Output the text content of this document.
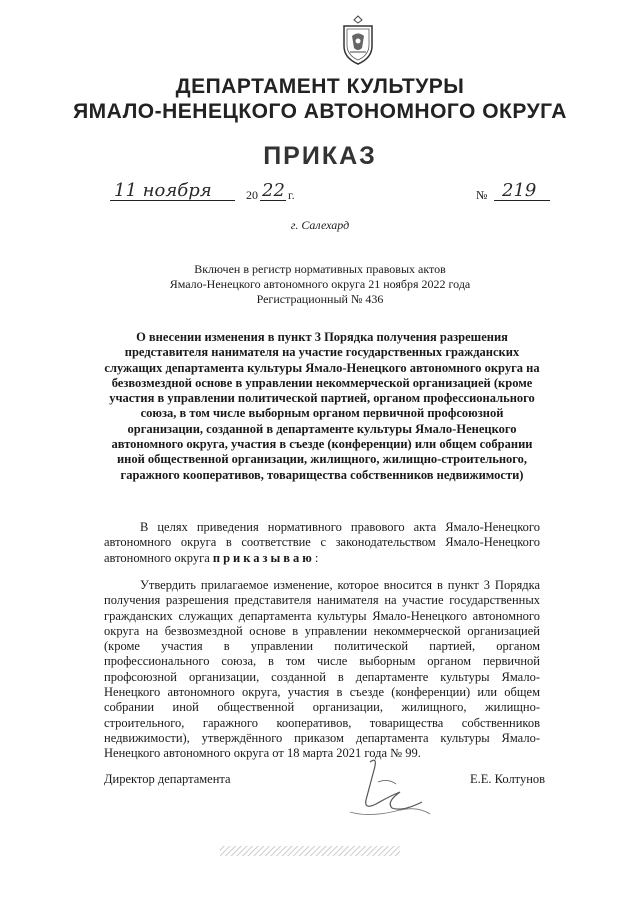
ДЕПАРТАМЕНТ КУЛЬТУРЫ
ЯМАЛО-НЕНЕЦКОГО АВТОНОМНОГО ОКРУГА
ПРИКАЗ
11 ноября	20 22 г.	№ 219
г. Салехард
Включен в регистр нормативных правовых актов
Ямало-Ненецкого автономного округа 21 ноября 2022 года
Регистрационный № 436
О внесении изменения в пункт 3 Порядка получения разрешения представителя нанимателя на участие государственных гражданских служащих департамента культуры Ямало-Ненецкого автономного округа на безвозмездной основе в управлении некоммерческой организацией (кроме участия в управлении политической партией, органом профессионального союза, в том числе выборным органом первичной профсоюзной организации, созданной в департаменте культуры Ямало-Ненецкого автономного округа, участия в съезде (конференции) или общем собрании иной общественной организации, жилищного, жилищно-строительного, гаражного кооперативов, товарищества собственников недвижимости)
В целях приведения нормативного правового акта Ямало-Ненецкого автономного округа в соответствие с законодательством Ямало-Ненецкого автономного округа приказываю:
Утвердить прилагаемое изменение, которое вносится в пункт 3 Порядка получения разрешения представителя нанимателя на участие государственных гражданских служащих департамента культуры Ямало-Ненецкого автономного округа на безвозмездной основе в управлении некоммерческой организацией (кроме участия в управлении политической партией, органом профессионального союза, в том числе выборным органом первичной профсоюзной организации, созданной в департаменте культуры Ямало-Ненецкого автономного округа, участия в съезде (конференции) или общем собрании иной общественной организации, жилищного, жилищно-строительного, гаражного кооперативов, товарищества собственников недвижимости), утверждённого приказом департамента культуры Ямало-Ненецкого автономного округа от 18 марта 2021 года № 99.
Директор департамента	Е.Е. Колтунов
